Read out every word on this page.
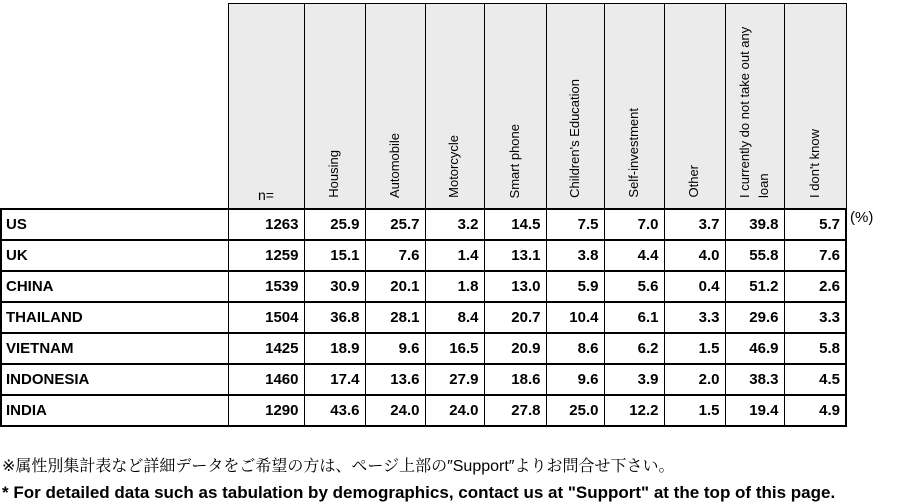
	n=	Housing	Automobile	Motorcycle	Smart phone	Children's Education	Self-investment	Other	I currently do not take out any loan	I don't know
US	1263	25.9	25.7	3.2	14.5	7.5	7.0	3.7	39.8	5.7
UK	1259	15.1	7.6	1.4	13.1	3.8	4.4	4.0	55.8	7.6
CHINA	1539	30.9	20.1	1.8	13.0	5.9	5.6	0.4	51.2	2.6
THAILAND	1504	36.8	28.1	8.4	20.7	10.4	6.1	3.3	29.6	3.3
VIETNAM	1425	18.9	9.6	16.5	20.9	8.6	6.2	1.5	46.9	5.8
INDONESIA	1460	17.4	13.6	27.9	18.6	9.6	3.9	2.0	38.3	4.5
INDIA	1290	43.6	24.0	24.0	27.8	25.0	12.2	1.5	19.4	4.9
(%)

※属性別集計表など詳細データをご希望の方は、ページ上部の″Support″よりお問合せ下さい。

* For detailed data such as tabulation by demographics, contact us at "Support" at the top of this page.
